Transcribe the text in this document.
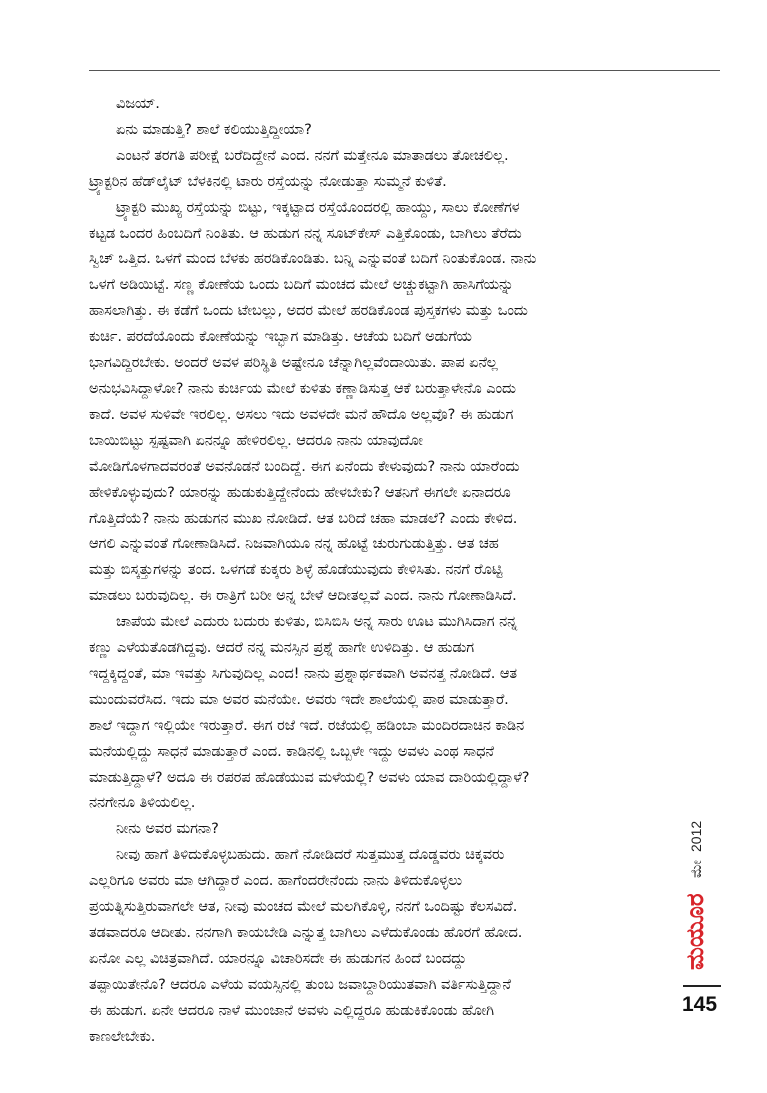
ವಿಜಯ್.

ಏನು ಮಾಡುತ್ತಿ? ಶಾಲೆ ಕಲಿಯುತ್ತಿದ್ದೀಯಾ?

ಎಂಟನೆ ತರಗತಿ ಪರೀಕ್ಷೆ ಬರೆದಿದ್ದೇನೆ ಎಂದ. ನನಗೆ ಮತ್ತೇನೂ ಮಾತಾಡಲು ತೋಚಲಿಲ್ಲ.
ಟ್ರ್ಯಾಕ್ಟರಿನ ಹೆಡ್‌ಲೈಟ್ ಬೆಳಕಿನಲ್ಲಿ ಟಾರು ರಸ್ತೆಯನ್ನು ನೋಡುತ್ತಾ ಸುಮ್ಮನೆ ಕುಳಿತೆ.

ಟ್ರ್ಯಾಕ್ಟರಿ ಮುಖ್ಯ ರಸ್ತೆಯನ್ನು ಬಿಟ್ಟು, ಇಕ್ಕಟ್ಟಾದ ರಸ್ತೆಯೊಂದರಲ್ಲಿ ಹಾಯ್ದು, ಸಾಲು ಕೋಣೆಗಳ
ಕಟ್ಟಡ ಒಂದರ ಹಿಂಬದಿಗೆ ನಿಂತಿತು. ಆ ಹುಡುಗ ನನ್ನ ಸೂಟ್‌ಕೇಸ್ ಎತ್ತಿಕೊಂಡು, ಬಾಗಿಲು ತೆರೆದು
ಸ್ವಿಚ್ ಒತ್ತಿದ. ಒಳಗೆ ಮಂದ ಬೆಳಕು ಹರಡಿಕೊಂಡಿತು. ಬನ್ನಿ ಎನ್ನುವಂತೆ ಬದಿಗೆ ನಿಂತುಕೊಂಡ. ನಾನು
ಒಳಗೆ ಅಡಿಯಿಟ್ಟೆ. ಸಣ್ಣ ಕೋಣೆಯ ಒಂದು ಬದಿಗೆ ಮಂಚದ ಮೇಲೆ ಅಚ್ಚುಕಟ್ಟಾಗಿ ಹಾಸಿಗೆಯನ್ನು
ಹಾಸಲಾಗಿತ್ತು. ಈ ಕಡೆಗೆ ಒಂದು ಟೇಬಲ್ಲು, ಅದರ ಮೇಲೆ ಹರಡಿಕೊಂಡ ಪುಸ್ತಕಗಳು ಮತ್ತು ಒಂದು
ಕುರ್ಚಿ. ಪರದೆಯೊಂದು ಕೋಣೆಯನ್ನು ಇಬ್ಭಾಗ ಮಾಡಿತ್ತು. ಆಚೆಯ ಬದಿಗೆ ಅಡುಗೆಯ
ಭಾಗವಿದ್ದಿರಬೇಕು. ಅಂದರೆ ಅವಳ ಪರಿಸ್ಥಿತಿ ಅಷ್ಟೇನೂ ಚೆನ್ನಾಗಿಲ್ಲವೆಂದಾಯಿತು. ಪಾಪ ಏನೆಲ್ಲ
ಅನುಭವಿಸಿದ್ದಾಳೋ? ನಾನು ಕುರ್ಚಿಯ ಮೇಲೆ ಕುಳಿತು ಕಣ್ಣಾಡಿಸುತ್ತ ಆಕೆ ಬರುತ್ತಾಳೇನೊ ಎಂದು
ಕಾದೆ. ಅವಳ ಸುಳಿವೇ ಇರಲಿಲ್ಲ. ಅಸಲು ಇದು ಅವಳದೇ ಮನೆ ಹೌದೊ ಅಲ್ಲವೊ? ಈ ಹುಡುಗ
ಬಾಯಿಬಿಟ್ಟು ಸ್ಪಷ್ಟವಾಗಿ ಏನನ್ನೂ ಹೇಳಿರಲಿಲ್ಲ. ಆದರೂ ನಾನು ಯಾವುದೋ
ಮೋಡಿಗೊಳಗಾದವರಂತೆ ಅವನೊಡನೆ ಬಂದಿದ್ದೆ. ಈಗ ಏನೆಂದು ಕೇಳುವುದು? ನಾನು ಯಾರೆಂದು
ಹೇಳಿಕೊಳ್ಳುವುದು? ಯಾರನ್ನು ಹುಡುಕುತ್ತಿದ್ದೇನೆಂದು ಹೇಳಬೇಕು? ಆತನಿಗೆ ಈಗಲೇ ಏನಾದರೂ
ಗೊತ್ತಿದೆಯೆ? ನಾನು ಹುಡುಗನ ಮುಖ ನೋಡಿದೆ. ಆತ ಬರಿದೆ ಚಹಾ ಮಾಡಲೆ? ಎಂದು ಕೇಳಿದ.
ಆಗಲಿ ಎನ್ನುವಂತೆ ಗೋಣಾಡಿಸಿದೆ. ನಿಜವಾಗಿಯೂ ನನ್ನ ಹೊಟ್ಟೆ ಚುರುಗುಡುತ್ತಿತ್ತು. ಆತ ಚಹ
ಮತ್ತು ಬಿಸ್ಕತ್ತುಗಳನ್ನು ತಂದ. ಒಳಗಡೆ ಕುಕ್ಕರು ಶಿಳ್ಳೆ ಹೊಡೆಯುವುದು ಕೇಳಿಸಿತು. ನನಗೆ ರೊಟ್ಟಿ
ಮಾಡಲು ಬರುವುದಿಲ್ಲ. ಈ ರಾತ್ರಿಗೆ ಬರೀ ಅನ್ನ ಬೇಳೆ ಆದೀತಲ್ಲವೆ ಎಂದ. ನಾನು ಗೋಣಾಡಿಸಿದೆ.

ಚಾಪೆಯ ಮೇಲೆ ಎದುರು ಬದುರು ಕುಳಿತು, ಬಿಸಿಬಿಸಿ ಅನ್ನ ಸಾರು ಊಟ ಮುಗಿಸಿದಾಗ ನನ್ನ
ಕಣ್ಣು ಎಳೆಯತೊಡಗಿದ್ದವು. ಆದರೆ ನನ್ನ ಮನಸ್ಸಿನ ಪ್ರಶ್ನೆ ಹಾಗೇ ಉಳಿದಿತ್ತು. ಆ ಹುಡುಗ
ಇದ್ದಕ್ಕಿದ್ದಂತೆ, ಮಾ ಇವತ್ತು ಸಿಗುವುದಿಲ್ಲ ಎಂದ! ನಾನು ಪ್ರಶ್ನಾರ್ಥಕವಾಗಿ ಅವನತ್ತ ನೋಡಿದೆ. ಆತ
ಮುಂದುವರೆಸಿದ. ಇದು ಮಾ ಅವರ ಮನೆಯೇ. ಅವರು ಇದೇ ಶಾಲೆಯಲ್ಲಿ ಪಾಠ ಮಾಡುತ್ತಾರೆ.
ಶಾಲೆ ಇದ್ದಾಗ ಇಲ್ಲಿಯೇ ಇರುತ್ತಾರೆ. ಈಗ ರಜೆ ಇದೆ. ರಜೆಯಲ್ಲಿ ಹಡಿಂಬಾ ಮಂದಿರದಾಚಿನ ಕಾಡಿನ
ಮನೆಯಲ್ಲಿದ್ದು ಸಾಧನೆ ಮಾಡುತ್ತಾರೆ ಎಂದ. ಕಾಡಿನಲ್ಲಿ ಒಬ್ಬಳೇ ಇದ್ದು ಅವಳು ಎಂಥ ಸಾಧನೆ
ಮಾಡುತ್ತಿದ್ದಾಳೆ? ಅದೂ ಈ ರಪರಪ ಹೊಡೆಯುವ ಮಳೆಯಲ್ಲಿ? ಅವಳು ಯಾವ ದಾರಿಯಲ್ಲಿದ್ದಾಳೆ?
ನನಗೇನೂ ತಿಳಿಯಲಿಲ್ಲ.

ನೀನು ಅವರ ಮಗನಾ?

ನೀವು ಹಾಗೆ ತಿಳಿದುಕೊಳ್ಳಬಹುದು. ಹಾಗೆ ನೋಡಿದರೆ ಸುತ್ತಮುತ್ತ ದೊಡ್ಡವರು ಚಿಕ್ಕವರು
ಎಲ್ಲರಿಗೂ ಅವರು ಮಾ ಆಗಿದ್ದಾರೆ ಎಂದ. ಹಾಗೆಂದರೇನೆಂದು ನಾನು ತಿಳಿದುಕೊಳ್ಳಲು
ಪ್ರಯತ್ನಿಸುತ್ತಿರುವಾಗಲೇ ಆತ, ನೀವು ಮಂಚದ ಮೇಲೆ ಮಲಗಿಕೊಳ್ಳಿ, ನನಗೆ ಒಂದಿಷ್ಟು ಕೆಲಸವಿದೆ.
ತಡವಾದರೂ ಆದೀತು. ನನಗಾಗಿ ಕಾಯಬೇಡಿ ಎನ್ನುತ್ತ ಬಾಗಿಲು ಎಳೆದುಕೊಂಡು ಹೊರಗೆ ಹೋದ.
ಏನೋ ಎಲ್ಲ ವಿಚಿತ್ರವಾಗಿದೆ. ಯಾರನ್ನೂ ವಿಚಾರಿಸದೇ ಈ ಹುಡುಗನ ಹಿಂದೆ ಬಂದದ್ದು
ತಪ್ಪಾಯಿತೇನೊ? ಆದರೂ ಎಳೆಯ ವಯಸ್ಸಿನಲ್ಲಿ ತುಂಬ ಜವಾಬ್ದಾರಿಯುತವಾಗಿ ವರ್ತಿಸುತ್ತಿದ್ದಾನೆ
ಈ ಹುಡುಗ. ಏನೇ ಆದರೂ ನಾಳೆ ಮುಂಜಾನೆ ಅವಳು ಎಲ್ಲಿದ್ದರೂ ಹುಡುಕಿಕೊಂಡು ಹೋಗಿ
ಕಾಣಲೇಬೇಕು.

ಮಯೂರ
ಮೇ
2012
145
